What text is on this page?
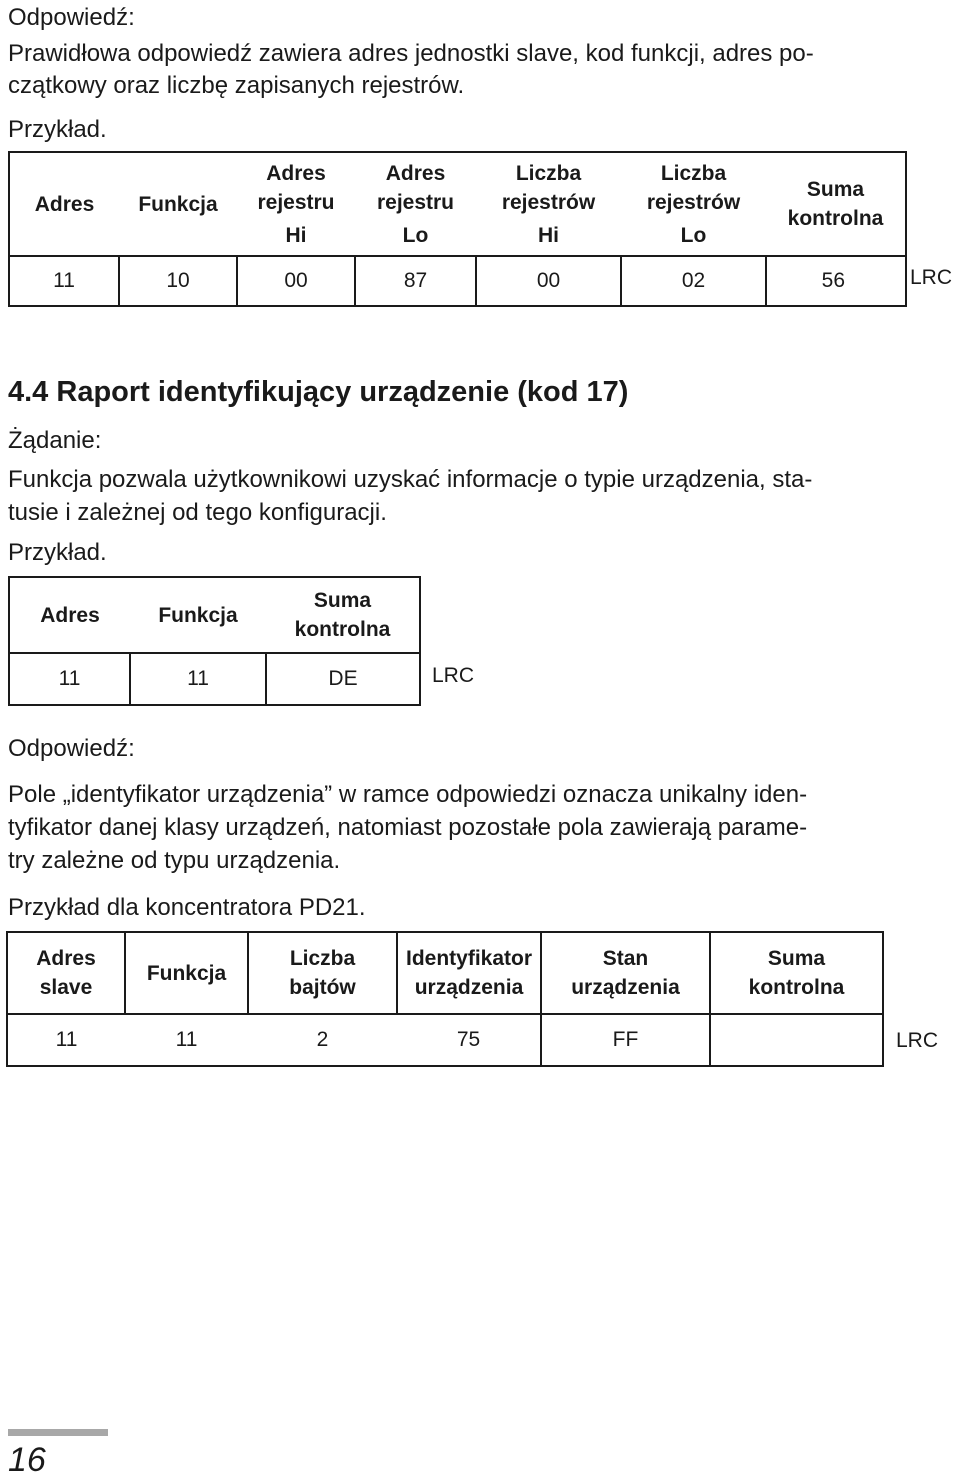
Odpowiedź:

Prawidłowa odpowiedź zawiera adres jednostki slave, kod funkcji, adres po-

czątkowy oraz liczbę zapisanych rejestrów.

Przykład.

Adres	Funkcja	Adres
rejestru
Hi	Adres
rejestru
Lo	Liczba
rejestrów
Hi	Liczba
rejestrów
Lo	Suma
kontrolna
11	10	00	87	00	02	56	LRC
4.4 Raport identyfikujący urządzenie (kod 17)

Żądanie:

Funkcja pozwala użytkownikowi uzyskać informacje o typie urządzenia, sta-

tusie i zależnej od tego konfiguracji.

Przykład.

Adres	Funkcja	Suma
kontrolna
11	11	DE	LRC

Odpowiedź:

Pole „identyfikator urządzenia” w ramce odpowiedzi oznacza unikalny iden-

tyfikator danej klasy urządzeń, natomiast pozostałe pola zawierają parame-

try zależne od typu urządzenia.

Przykład dla koncentratora PD21.

Adres
slave	Funkcja	Liczba
bajtów	Identyfikator
urządzenia	Stan
urządzenia	Suma
kontrolna
11	11	2	75	FF		LRC
16
